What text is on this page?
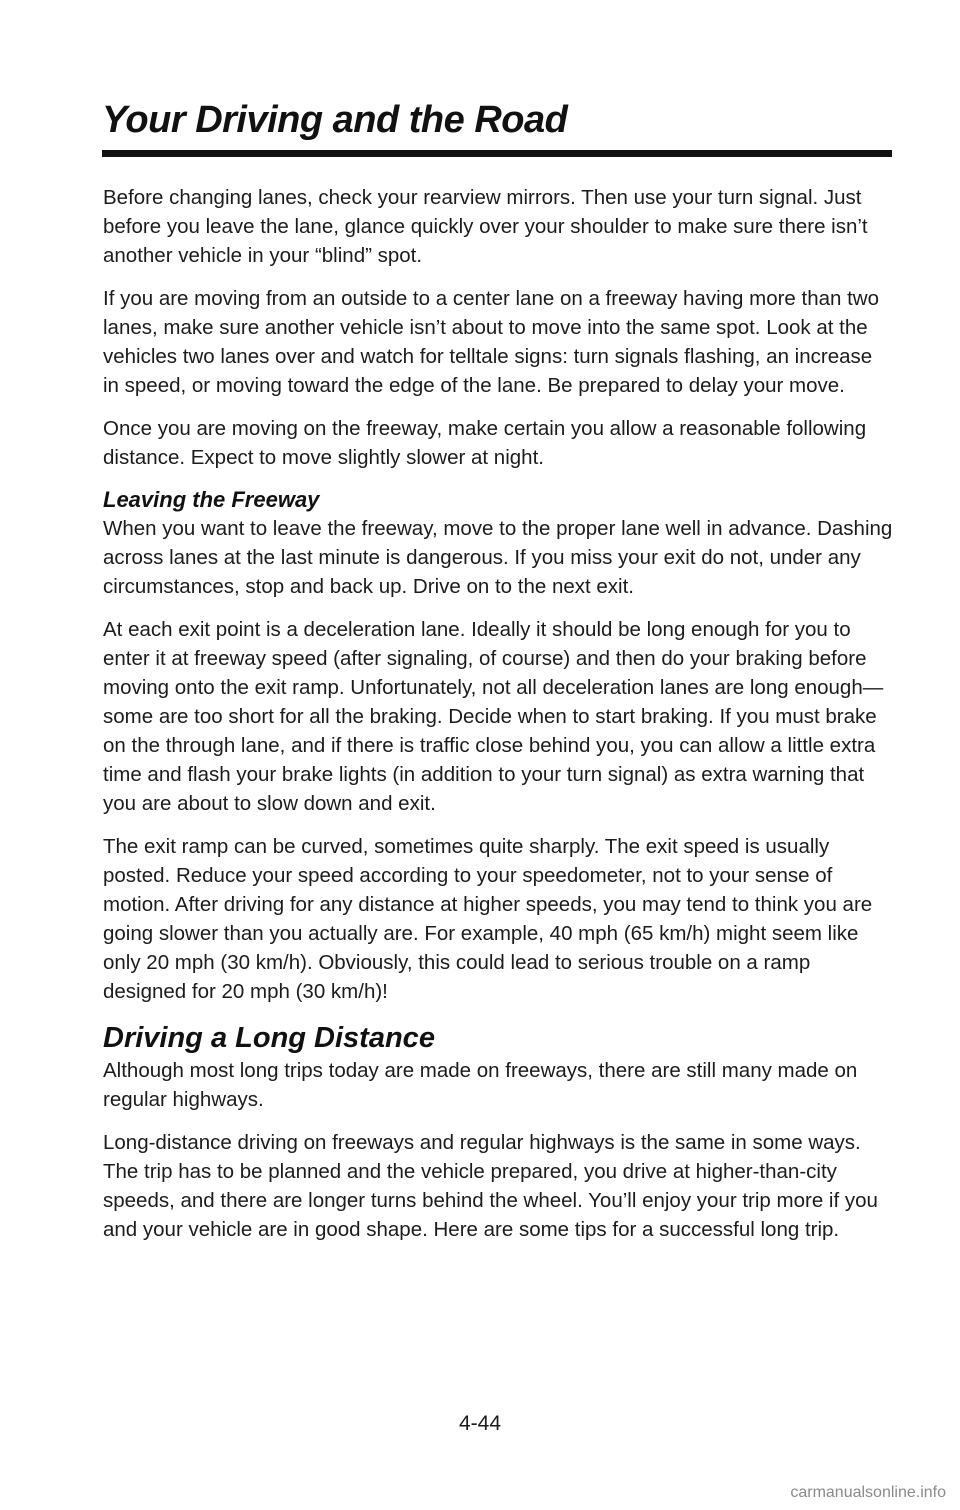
Your Driving and the Road

Before changing lanes, check your rearview mirrors. Then use your turn signal. Just before you leave the lane, glance quickly over your shoulder to make sure there isn’t another vehicle in your “blind” spot.

If you are moving from an outside to a center lane on a freeway having more than two lanes, make sure another vehicle isn’t about to move into the same spot. Look at the vehicles two lanes over and watch for telltale signs: turn signals flashing, an increase in speed, or moving toward the edge of the lane. Be prepared to delay your move.

Once you are moving on the freeway, make certain you allow a reasonable following distance. Expect to move slightly slower at night.

Leaving the Freeway

When you want to leave the freeway, move to the proper lane well in advance. Dashing across lanes at the last minute is dangerous. If you miss your exit do not, under any circumstances, stop and back up. Drive on to the next exit.

At each exit point is a deceleration lane. Ideally it should be long enough for you to enter it at freeway speed (after signaling, of course) and then do your braking before moving onto the exit ramp. Unfortunately, not all deceleration lanes are long enough—some are too short for all the braking. Decide when to start braking. If you must brake on the through lane, and if there is traffic close behind you, you can allow a little extra time and flash your brake lights (in addition to your turn signal) as extra warning that you are about to slow down and exit.

The exit ramp can be curved, sometimes quite sharply. The exit speed is usually posted. Reduce your speed according to your speedometer, not to your sense of motion. After driving for any distance at higher speeds, you may tend to think you are going slower than you actually are. For example, 40 mph (65 km/h) might seem like only 20 mph (30 km/h). Obviously, this could lead to serious trouble on a ramp designed for 20 mph (30 km/h)!

Driving a Long Distance

Although most long trips today are made on freeways, there are still many made on regular highways.

Long-distance driving on freeways and regular highways is the same in some ways. The trip has to be planned and the vehicle prepared, you drive at higher-than-city speeds, and there are longer turns behind the wheel. You’ll enjoy your trip more if you and your vehicle are in good shape. Here are some tips for a successful long trip.

4-44
carmanualsonline.info
